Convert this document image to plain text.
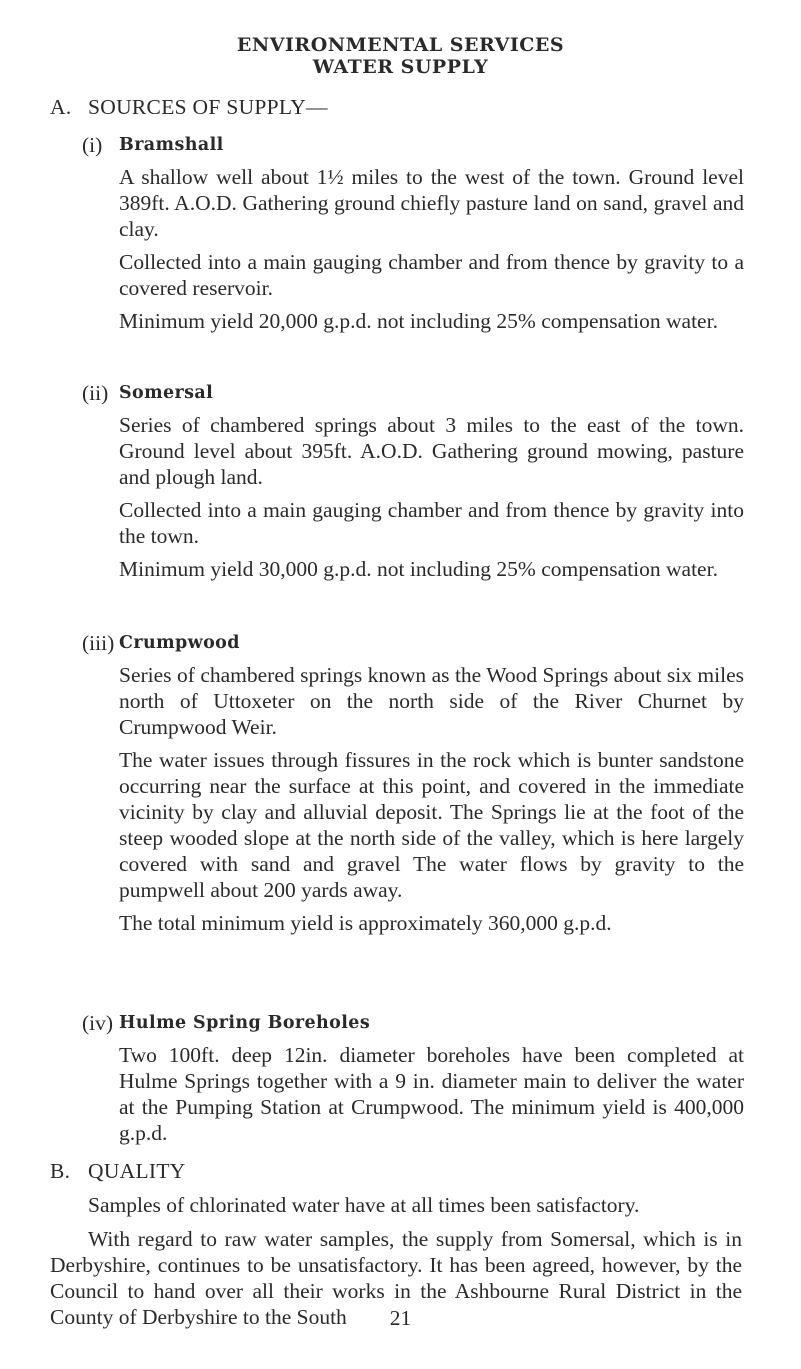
ENVIRONMENTAL SERVICES
WATER SUPPLY
A. SOURCES OF SUPPLY—
(i) Bramshall

A shallow well about 1½ miles to the west of the town. Ground level 389ft. A.O.D. Gathering ground chiefly pasture land on sand, gravel and clay.

Collected into a main gauging chamber and from thence by gravity to a covered reservoir.

Minimum yield 20,000 g.p.d. not including 25% compensation water.

(ii) Somersal

Series of chambered springs about 3 miles to the east of the town. Ground level about 395ft. A.O.D. Gathering ground mowing, pasture and plough land.

Collected into a main gauging chamber and from thence by gravity into the town.

Minimum yield 30,000 g.p.d. not including 25% compensation water.

(iii) Crumpwood

Series of chambered springs known as the Wood Springs about six miles north of Uttoxeter on the north side of the River Churnet by Crumpwood Weir.

The water issues through fissures in the rock which is bunter sandstone occurring near the surface at this point, and covered in the immediate vicinity by clay and alluvial deposit. The Springs lie at the foot of the steep wooded slope at the north side of the valley, which is here largely covered with sand and gravel The water flows by gravity to the pumpwell about 200 yards away.

The total minimum yield is approximately 360,000 g.p.d.

(iv) Hulme Spring Boreholes

Two 100ft. deep 12in. diameter boreholes have been completed at Hulme Springs together with a 9 in. diameter main to deliver the water at the Pumping Station at Crumpwood. The minimum yield is 400,000 g.p.d.

B. QUALITY

Samples of chlorinated water have at all times been satisfactory.

With regard to raw water samples, the supply from Somersal, which is in Derbyshire, continues to be unsatisfactory. It has been agreed, however, by the Council to hand over all their works in the Ashbourne Rural District in the County of Derbyshire to the South	21
